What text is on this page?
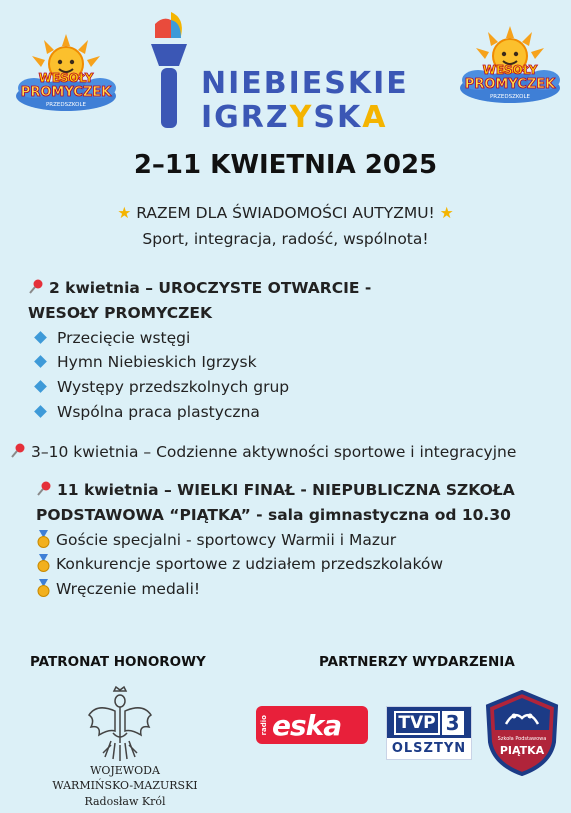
WESOŁY
PROMYCZEK
PRZEDSZKOLE
WESOŁY
PROMYCZEK
PRZEDSZKOLE
NIEBIESKIE
IGRZYSKA
2–11 KWIETNIA 2025
★ RAZEM DLA ŚWIADOMOŚCI AUTYZMU! ★
Sport, integracja, radość, wspólnota!
2 kwietnia – UROCZYSTE OTWARCIE -
WESOŁY PROMYCZEK
Przecięcie wstęgi
Hymn Niebieskich Igrzysk
Występy przedszkolnych grup
Wspólna praca plastyczna
3–10 kwietnia – Codzienne aktywności sportowe i integracyjne
11 kwietnia – WIELKI FINAŁ - NIEPUBLICZNA SZKOŁA
PODSTAWOWA “PIĄTKA” - sala gimnastyczna od 10.30
Goście specjalni - sportowcy Warmii i Mazur
Konkurencje sportowe z udziałem przedszkolaków
Wręczenie medali!
PATRONAT HONOROWY	PARTNERZY WYDARZENIA
WOJEWODA
WARMIŃSKO-MAZURSKI
Radosław Król
radio eska	TVP 3
OLSZTYN
Szkoła Podstawowa
PIĄTKA
